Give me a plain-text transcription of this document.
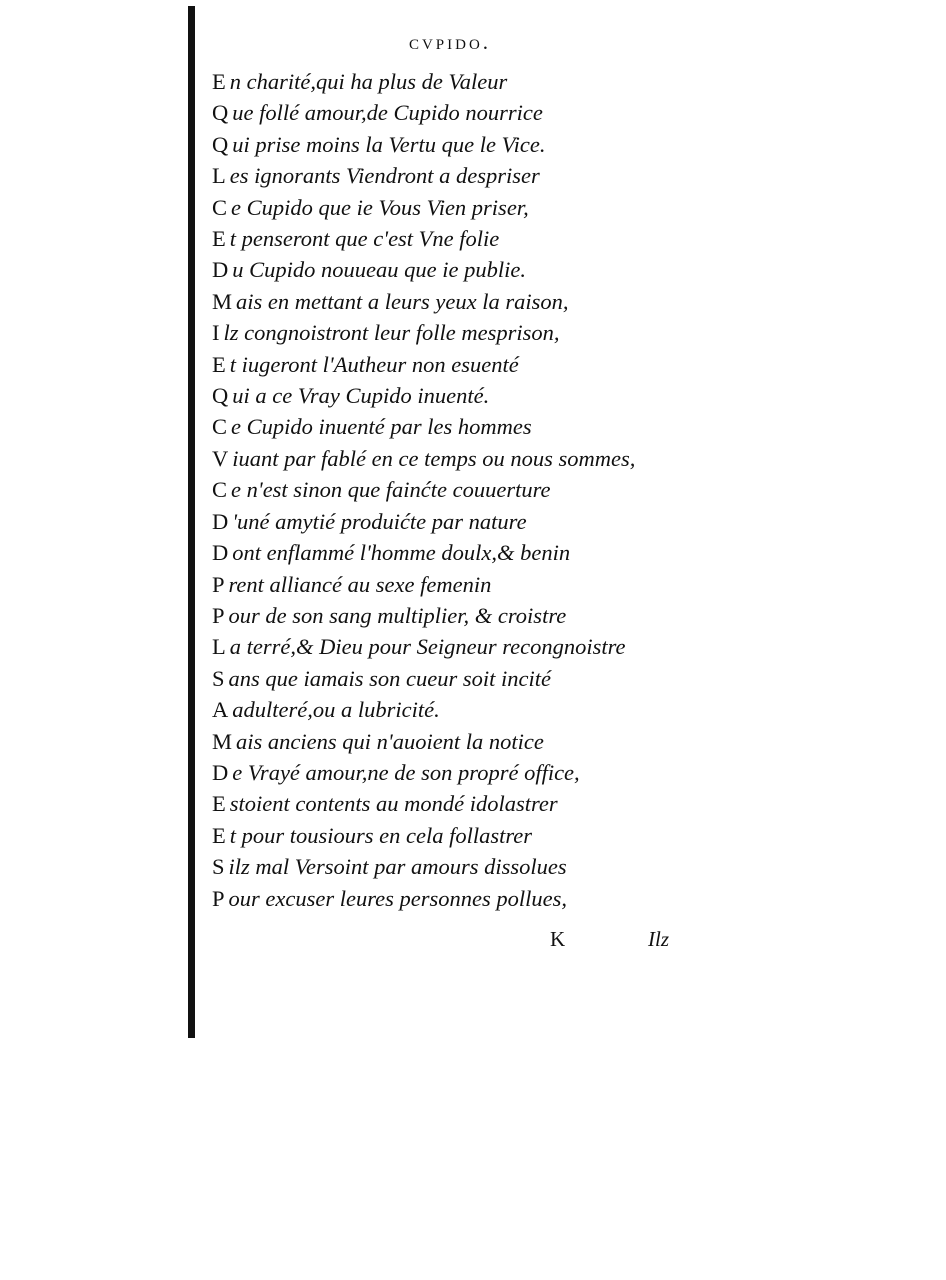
cvpido.
E n charité,qui ha plus de Valeur
Q ue follé amour,de Cupido nourrice
Q ui prise moins la Vertu que le Vice.
L es ignorants Viendront a despriser
C e Cupido que ie Vous Vien priser,
E t penseront que c'est Vne folie
D u Cupido nouueau que ie publie.
M ais en mettant a leurs yeux la raison,
I lz congnoistront leur folle mesprison,
E t iugeront l'Autheur non esuenté
Q ui a ce Vray Cupido inuenté.
C e Cupido inuenté par les hommes
V iuant par fablé en ce temps ou nous sommes,
C e n'est sinon que fainćte couuerture
D 'uné amytié produićte par nature
D ont enflammé l'homme doulx,& benin
P rent alliancé au sexe femenin
P our de son sang multiplier, & croistre
L a terré,& Dieu pour Seigneur recongnoistre
S ans que iamais son cueur soit incité
A adulteré,ou a lubricité.
M ais anciens qui n'auoient la notice
D e Vrayé amour,ne de son propré office,
E stoient contents au mondé idolastrer
E t pour tousiours en cela follastrer
S ilz mal Versoint par amours dissolues
P our excuser leures personnes pollues,
K	Ilz
